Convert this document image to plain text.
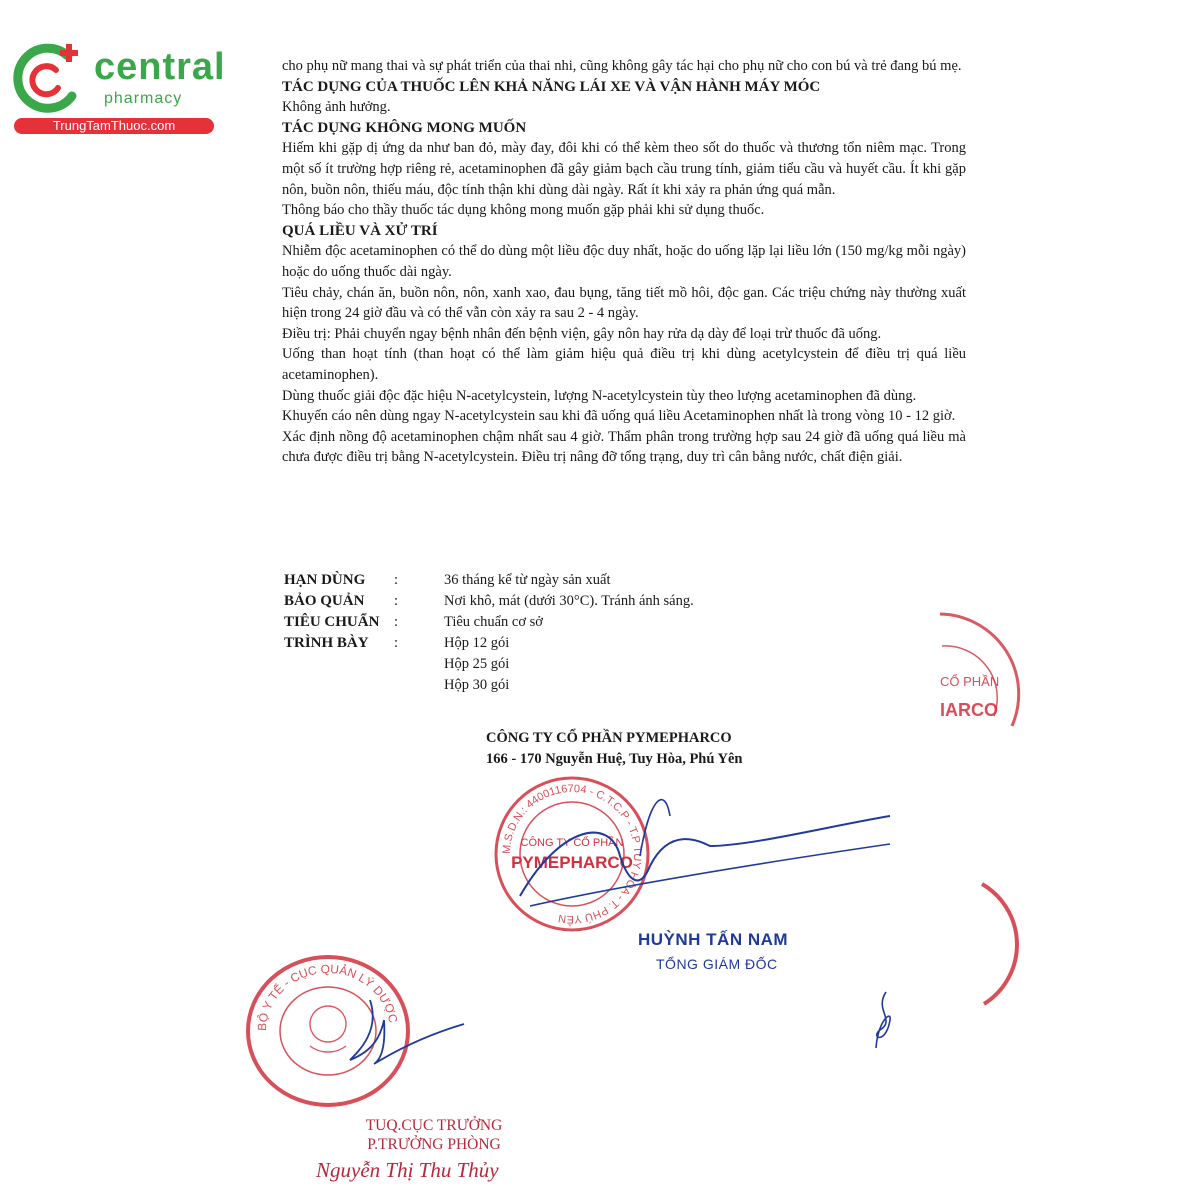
central
pharmacy
TrungTamThuoc.com

cho phụ nữ mang thai và sự phát triển của thai nhi, cũng không gây tác hại cho phụ nữ cho con bú và trẻ đang bú mẹ.

TÁC DỤNG CỦA THUỐC LÊN KHẢ NĂNG LÁI XE VÀ VẬN HÀNH MÁY MÓC

Không ảnh hưởng.

TÁC DỤNG KHÔNG MONG MUỐN

Hiếm khi gặp dị ứng da như ban đỏ, mày đay, đôi khi có thể kèm theo sốt do thuốc và thương tổn niêm mạc. Trong một số ít trường hợp riêng rẻ, acetaminophen đã gây giảm bạch cầu trung tính, giảm tiểu cầu và huyết cầu. Ít khi gặp nôn, buồn nôn, thiếu máu, độc tính thận khi dùng dài ngày. Rất ít khi xảy ra phản ứng quá mẫn.

Thông báo cho thầy thuốc tác dụng không mong muốn gặp phải khi sử dụng thuốc.

QUÁ LIỀU VÀ XỬ TRÍ

Nhiễm độc acetaminophen có thể do dùng một liều độc duy nhất, hoặc do uống lặp lại liều lớn (150 mg/kg mỗi ngày) hoặc do uống thuốc dài ngày.

Tiêu chảy, chán ăn, buồn nôn, nôn, xanh xao, đau bụng, tăng tiết mồ hôi, độc gan. Các triệu chứng này thường xuất hiện trong 24 giờ đầu và có thể vẫn còn xảy ra sau 2 - 4 ngày.

Điều trị: Phải chuyển ngay bệnh nhân đến bệnh viện, gây nôn hay rửa dạ dày để loại trừ thuốc đã uống.

Uống than hoạt tính (than hoạt có thể làm giảm hiệu quả điều trị khi dùng acetylcystein để điều trị quá liều acetaminophen).

Dùng thuốc giải độc đặc hiệu N-acetylcystein, lượng N-acetylcystein tùy theo lượng acetaminophen đã dùng.

Khuyến cáo nên dùng ngay N-acetylcystein sau khi đã uống quá liều Acetaminophen nhất là trong vòng 10 - 12 giờ.

Xác định nồng độ acetaminophen chậm nhất sau 4 giờ. Thẩm phân trong trường hợp sau 24 giờ đã uống quá liều mà chưa được điều trị bằng N-acetylcystein. Điều trị nâng đỡ tổng trạng, duy trì cân bằng nước, chất điện giải.

HẠN DÙNG	:	36 tháng kể từ ngày sản xuất
BẢO QUẢN	:	Nơi khô, mát (dưới 30°C). Tránh ánh sáng.
TIÊU CHUẨN	:	Tiêu chuẩn cơ sở
TRÌNH BÀY	:	Hộp 12 gói
Hộp 25 gói
Hộp 30 gói
CÔNG TY CỔ PHẦN PYMEPHARCO
166 - 170 Nguyễn Huệ, Tuy Hòa, Phú Yên
M.S.D.N.: 4400116704 - C.T.C.P - T.P TUY HÒA - T. PHÚ YÊN
CÔNG TY CỔ PHẦN
PYMEPHARCO
CỔ PHẦN
IARCO
HUỲNH TẤN NAM
TỔNG GIÁM ĐỐC
BỘ Y TẾ - CỤC QUẢN LÝ DƯỢC
TUQ.CỤC TRƯỞNG
P.TRƯỞNG PHÒNG
Nguyễn Thị Thu Thủy
